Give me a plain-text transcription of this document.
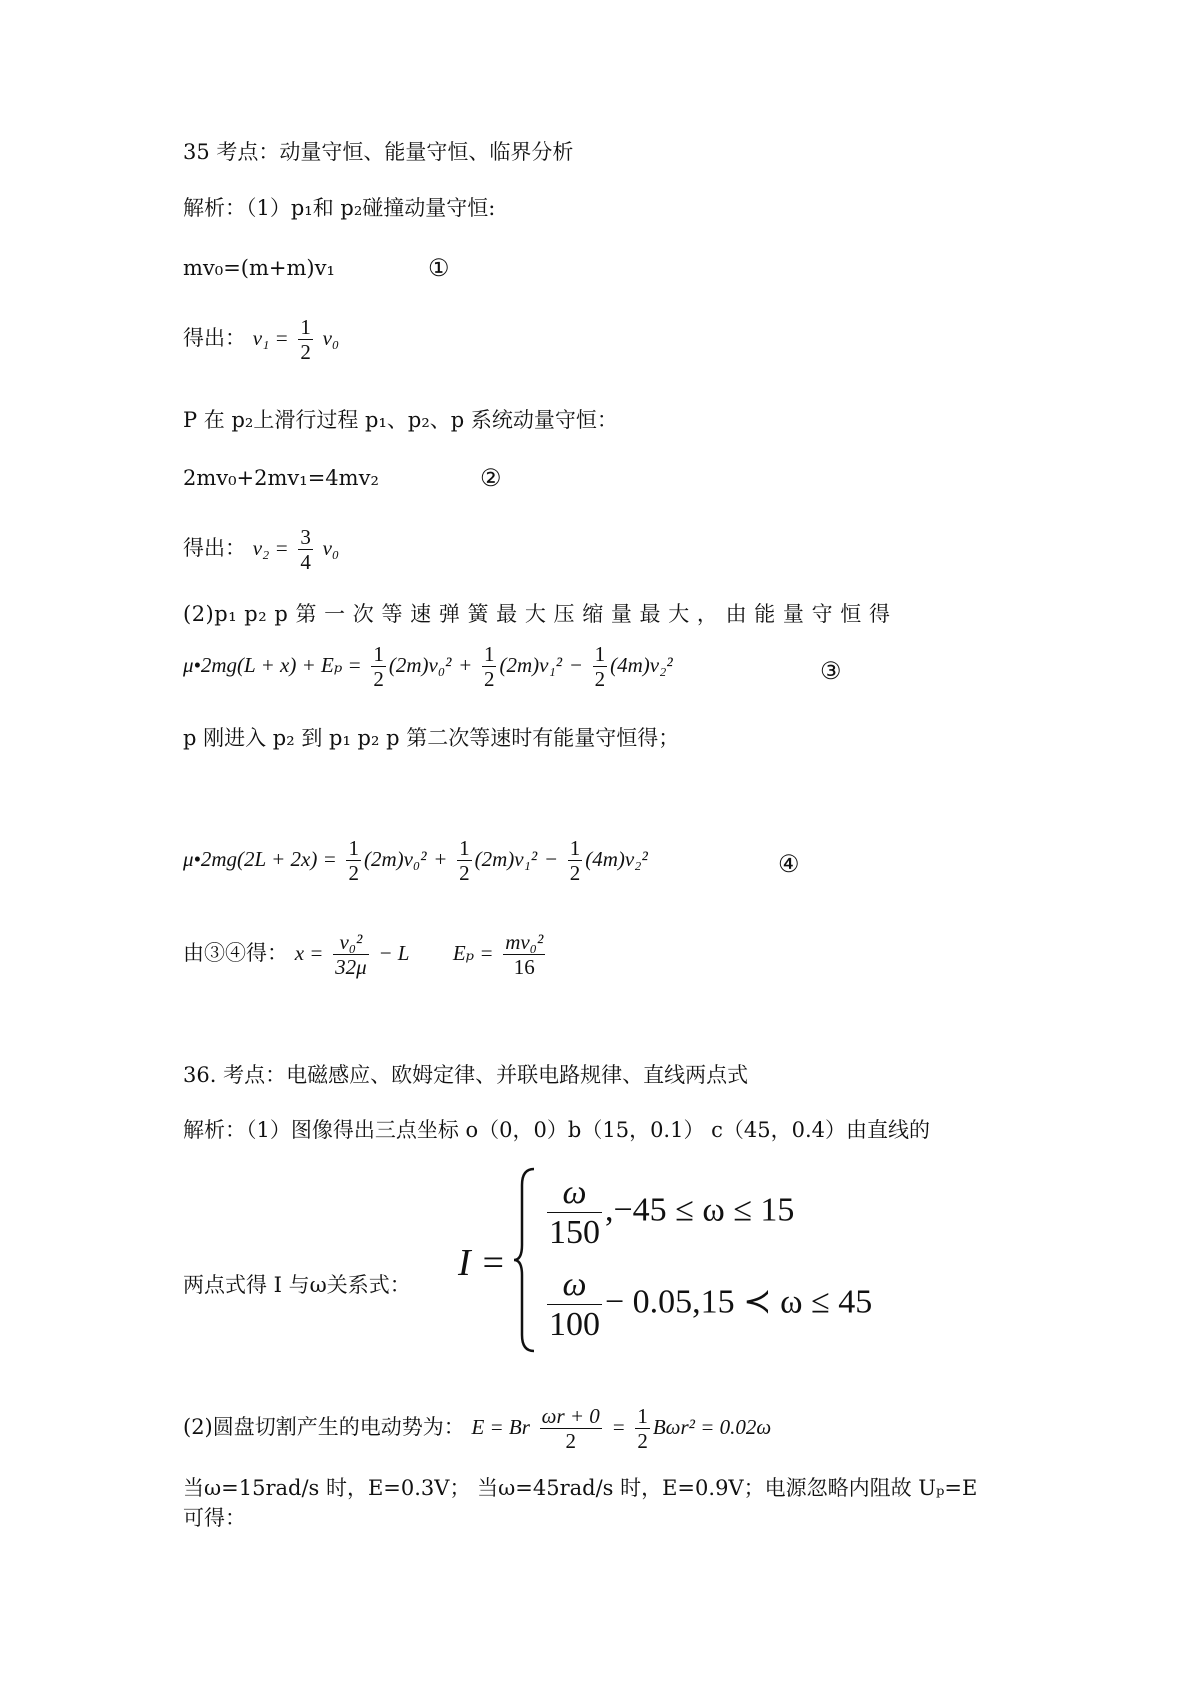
35 考点：动量守恒、能量守恒、临界分析
解析：（1）p₁和 p₂碰撞动量守恒:
mv₀=(m+m)v₁	①
得出： $v_1 = \frac{1}{2} v_0$
P 在 p₂上滑行过程 p₁、p₂、p 系统动量守恒：
2mv₀+2mv₁=4mv₂	②
得出： $v_2 = \frac{3}{4} v_0$
(2)p₁ p₂ p 第 一 次 等 速 弹 簧 最 大 压 缩 量 最 大 ， 由 能 量 守 恒 得
μ•2mg(L + $x) + E_p = \frac{1}{2} (2m)v_0^2 + \frac{1}{2} (2m)v_1^2 - \frac{1}{2} (4m)v_2^2$	③
p 刚进入 p₂ 到 p₁ p₂ p 第二次等速时有能量守恒得；
μ•2mg(2L + $2x) = \frac{1}{2} (2m)v_0^2 + \frac{1}{2} (2m)v_1^2 - \frac{1}{2} (4m)v_2^2$	④
由③④得： $x = \frac{\text{v₀²}}{32\mu} - L$ $E_p = \frac{\text{mv₀²}}{16}$
36. 考点：电磁感应、欧姆定律、并联电路规律、直线两点式
解析：（1）图像得出三点坐标 o（0，0）b（15，0.1） c（45，0.4）由直线的
两点式得 I 与ω关系式：
I =
$\frac{\omega}{150} ,-45 \le \omega \le 15$
$\frac{\omega}{100} - 0.05,15$ ≺ ω ≤ 45
(2)圆盘切割产生的电动势为： E = Br $\frac{\omega r + 0}{2} = \frac{1}{2} B\omega r^2 = 0.02\omega$
当ω=15rad/s 时，E=0.3V； 当ω=45rad/s 时，E=0.9V；电源忽略内阻故 Uₚ=E
可得：
